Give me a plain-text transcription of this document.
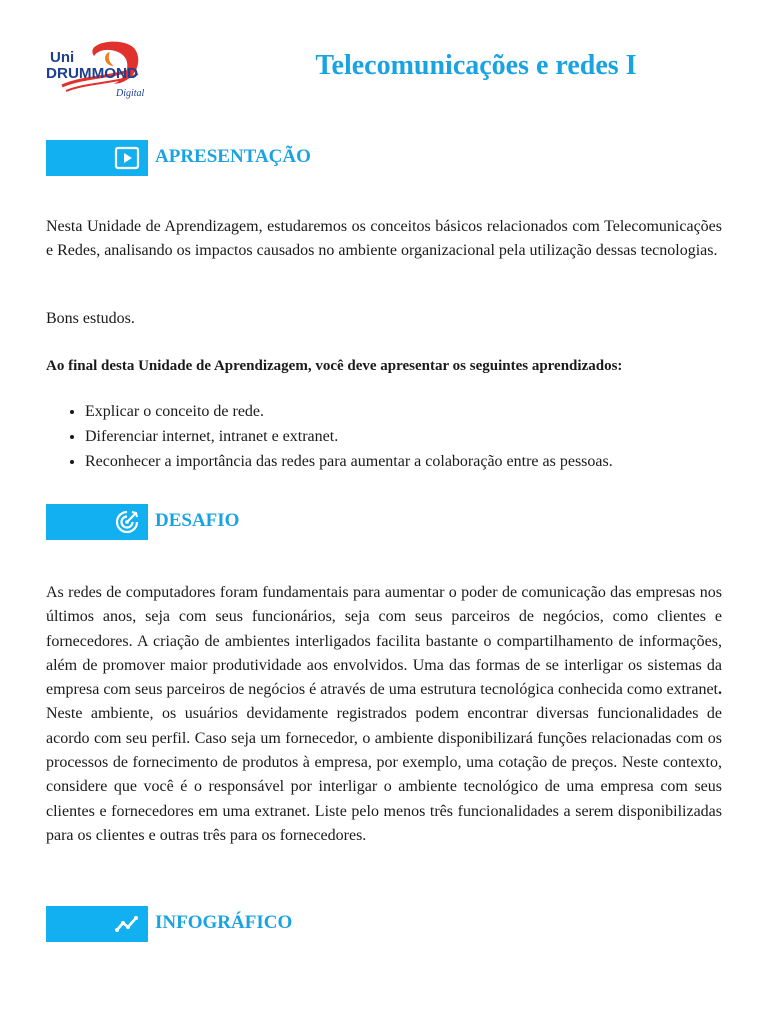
Uni
DRUMMOND
Digital
Telecomunicações e redes I
APRESENTAÇÃO

Nesta Unidade de Aprendizagem, estudaremos os conceitos básicos relacionados com Telecomunicações e Redes, analisando os impactos causados no ambiente organizacional pela utilização dessas tecnologias.

Bons estudos.

Ao final desta Unidade de Aprendizagem, você deve apresentar os seguintes aprendizados:

• Explicar o conceito de rede.
• Diferenciar internet, intranet e extranet.
• Reconhecer a importância das redes para aumentar a colaboração entre as pessoas.
DESAFIO

As redes de computadores foram fundamentais para aumentar o poder de comunicação das empresas nos últimos anos, seja com seus funcionários, seja com seus parceiros de negócios, como clientes e fornecedores. A criação de ambientes interligados facilita bastante o compartilhamento de informações, além de promover maior produtividade aos envolvidos. Uma das formas de se interligar os sistemas da empresa com seus parceiros de negócios é através de uma estrutura tecnológica conhecida como extranet. Neste ambiente, os usuários devidamente registrados podem encontrar diversas funcionalidades de acordo com seu perfil. Caso seja um fornecedor, o ambiente disponibilizará funções relacionadas com os processos de fornecimento de produtos à empresa, por exemplo, uma cotação de preços. Neste contexto, considere que você é o responsável por interligar o ambiente tecnológico de uma empresa com seus clientes e fornecedores em uma extranet. Liste pelo menos três funcionalidades a serem disponibilizadas para os clientes e outras três para os fornecedores.

INFOGRÁFICO
